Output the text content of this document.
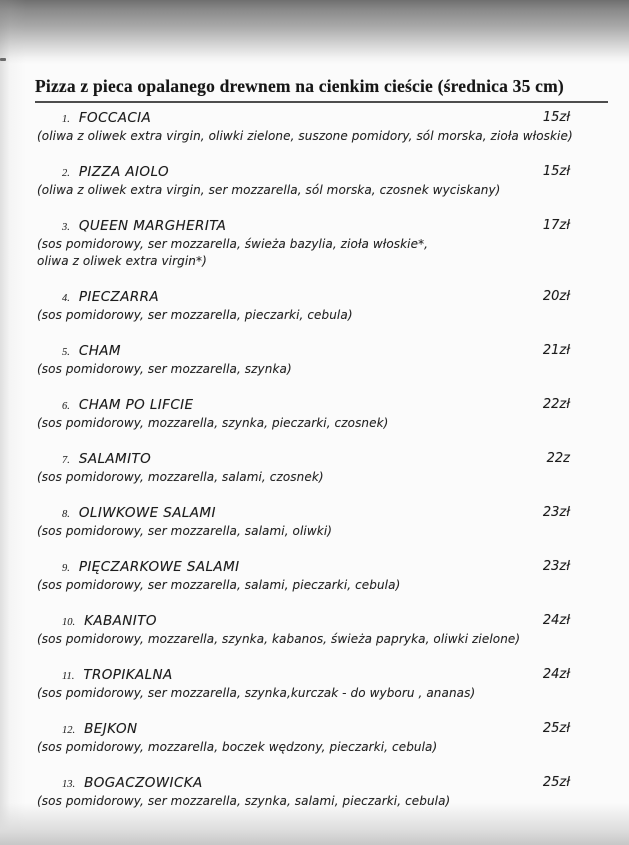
Pizza z pieca opalanego drewnem na cienkim cieście (średnica 35 cm)
1. FOCCACIA	15zł
(oliwa z oliwek extra virgin, oliwki zielone, suszone pomidory, sól morska, zioła włoskie)
2. PIZZA AIOLO	15zł
(oliwa z oliwek extra virgin, ser mozzarella, sól morska, czosnek wyciskany)
3. QUEEN MARGHERITA	17zł
(sos pomidorowy, ser mozzarella, świeża bazylia, zioła włoskie*,
oliwa z oliwek extra virgin*)
4. PIECZARRA	20zł
(sos pomidorowy, ser mozzarella, pieczarki, cebula)
5. CHAM	21zł
(sos pomidorowy, ser mozzarella, szynka)
6. CHAM PO LIFCIE	22zł
(sos pomidorowy, mozzarella, szynka, pieczarki, czosnek)
7. SALAMITO	22z
(sos pomidorowy, mozzarella, salami, czosnek)
8. OLIWKOWE SALAMI	23zł
(sos pomidorowy, ser mozzarella, salami, oliwki)
9. PIĘCZARKOWE SALAMI	23zł
(sos pomidorowy, ser mozzarella, salami, pieczarki, cebula)
10. KABANITO	24zł
(sos pomidorowy, mozzarella, szynka, kabanos, świeża papryka, oliwki zielone)
11. TROPIKALNA	24zł
(sos pomidorowy, ser mozzarella, szynka,kurczak - do wyboru , ananas)
12. BEJKON	25zł
(sos pomidorowy, mozzarella, boczek wędzony, pieczarki, cebula)
13. BOGACZOWICKA	25zł
(sos pomidorowy, ser mozzarella, szynka, salami, pieczarki, cebula)
